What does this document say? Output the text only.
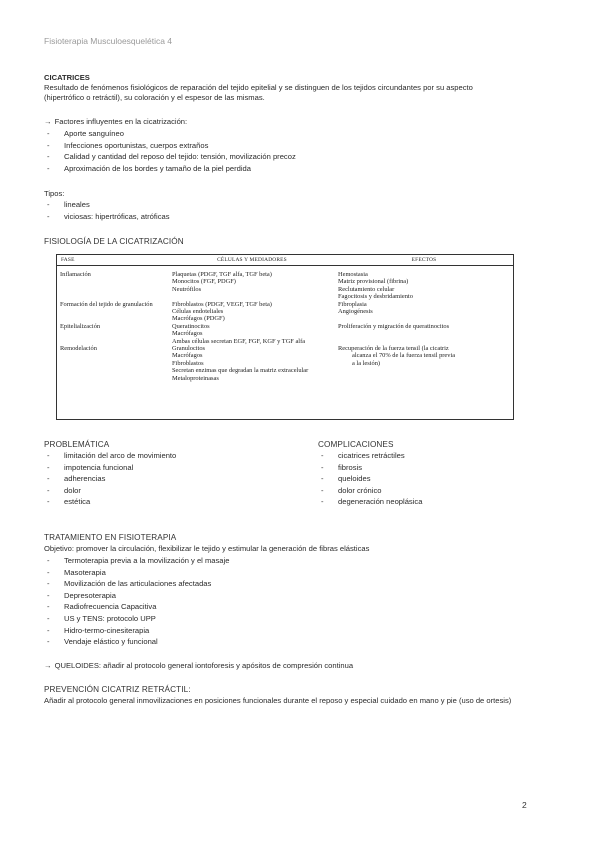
Fisioterapia Musculoesquelética 4
CICATRICES
Resultado de fenómenos fisiológicos de reparación del tejido epitelial y se distinguen de los tejidos circundantes por su aspecto
(hipertrófico o retráctil), su coloración y el espesor de las mismas.
→ Factores influyentes en la cicatrización:
- Aporte sanguíneo
- Infecciones oportunistas, cuerpos extraños
- Calidad y cantidad del reposo del tejido: tensión, movilización precoz
- Aproximación de los bordes y tamaño de la piel perdida
Tipos:
- lineales
- viciosas: hipertróficas, atróficas
FISIOLOGÍA DE LA CICATRIZACIÓN
FASE	CÉLULAS Y MEDIADORES	EFECTOS
Inflamación	Plaquetas (PDGF, TGF alfa, TGF beta)
Monocitos (FGF, PDGF)
Neutrófilos	Hemostasia
Matriz provisional (fibrina)
Reclutamiento celular
Fagocitosis y desbridamiento

Formación del tejido de granulación	Fibroblastos (PDGF, VEGF, TGF beta)
Células endoteliales
Macrófagos (PDGF)	Fibroplasia
Angiogénesis

Epitelialización	Queratinocitos
Macrófagos
Ambas células secretan EGF, FGF, KGF y TGF alfa	Proliferación y migración de queratinocitos

Remodelación	Granulocitos
Macrófagos
Fibroblastos
Secretan enzimas que degradan la matriz extracelular
Metaloproteinasas	Recuperación de la fuerza tensil (la cicatriz
alcanza el 70% de la fuerza tensil previa
a la lesión)

PROBLEMÁTICA
- limitación del arco de movimiento
- impotencia funcional
- adherencias
- dolor
- estética
COMPLICACIONES
- cicatrices retráctiles
- fibrosis
- queloides
- dolor crónico
- degeneración neoplásica
TRATAMIENTO EN FISIOTERAPIA
Objetivo: promover la circulación, flexibilizar le tejido y estimular la generación de fibras elásticas
- Termoterapia previa a la movilización y el masaje
- Masoterapia
- Movilización de las articulaciones afectadas
- Depresoterapia
- Radiofrecuencia Capacitiva
- US y TENS: protocolo UPP
- Hidro-termo-cinesiterapia
- Vendaje elástico y funcional
→ QUELOIDES: añadir al protocolo general iontoforesis y apósitos de compresión continua
PREVENCIÓN CICATRIZ RETRÁCTIL:
Añadir al protocolo general inmovilizaciones en posiciones funcionales durante el reposo y especial cuidado en mano y pie (uso de ortesis)
2
